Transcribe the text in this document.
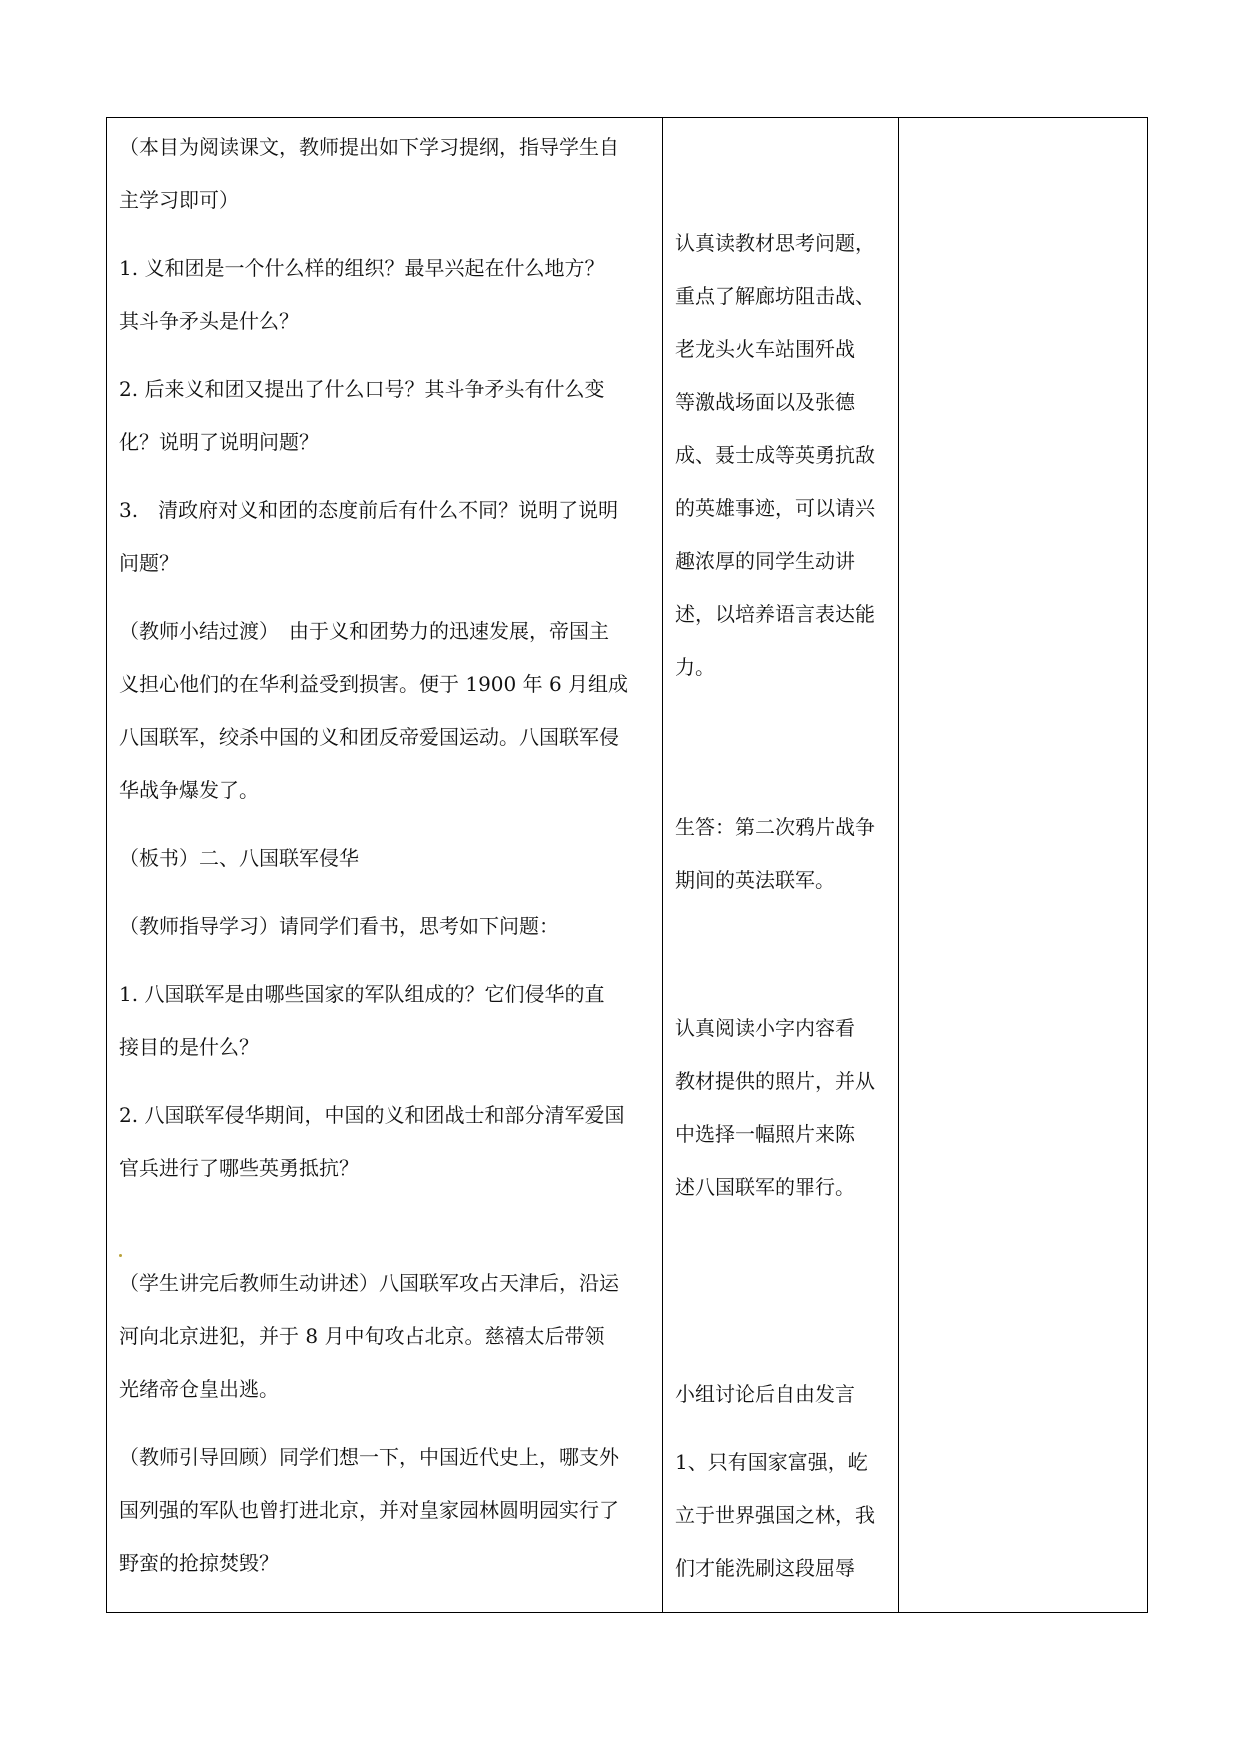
（本目为阅读课文，教师提出如下学习提纲，指导学生自

主学习即可）

1. 义和团是一个什么样的组织？最早兴起在什么地方？

其斗争矛头是什么？

2. 后来义和团又提出了什么口号？其斗争矛头有什么变

化？说明了说明问题？

3.　清政府对义和团的态度前后有什么不同？说明了说明

问题？

（教师小结过渡）　由于义和团势力的迅速发展，帝国主

义担心他们的在华利益受到损害。便于 1900 年 6 月组成

八国联军，绞杀中国的义和团反帝爱国运动。八国联军侵

华战争爆发了。

（板书）二、八国联军侵华

（教师指导学习）请同学们看书，思考如下问题：

1. 八国联军是由哪些国家的军队组成的？它们侵华的直

接目的是什么？

2. 八国联军侵华期间，中国的义和团战士和部分清军爱国

官兵进行了哪些英勇抵抗？

（学生讲完后教师生动讲述）八国联军攻占天津后，沿运

河向北京进犯，并于 8 月中旬攻占北京。慈禧太后带领

光绪帝仓皇出逃。

（教师引导回顾）同学们想一下，中国近代史上，哪支外

国列强的军队也曾打进北京，并对皇家园林圆明园实行了

野蛮的抢掠焚毁？

认真读教材思考问题，

重点了解廊坊阻击战、

老龙头火车站围歼战

等激战场面以及张德

成、聂士成等英勇抗敌

的英雄事迹，可以请兴

趣浓厚的同学生动讲

述，以培养语言表达能

力。

生答：第二次鸦片战争

期间的英法联军。

认真阅读小字内容看

教材提供的照片，并从

中选择一幅照片来陈

述八国联军的罪行。

小组讨论后自由发言

1、只有国家富强，屹

立于世界强国之林，我

们才能洗刷这段屈辱
